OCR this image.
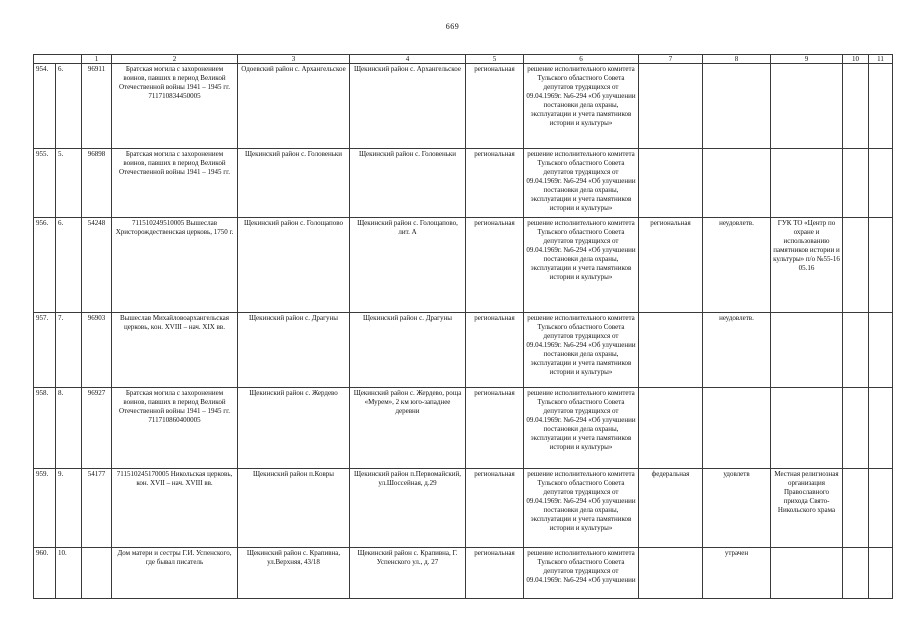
669
		1	2	3	4	5	6	7	8	9	10	11
954.	6.	96911	Братская могила с захоронением воинов, павших в период Великой Отечественной войны 1941 – 1945 гг. 711710834450005	Одоевский район с. Архангельское	Щекинский район с. Архангельское	региональная	решение исполнительного комитета Тульского областного Совета депутатов трудящихся от 09.04.1969г. №6-294 «Об улучшении постановки дела охраны, эксплуатации и учета памятников истории и культуры»					
955.	5.	96898	Братская могила с захоронением воинов, павших в период Великой Отечественной войны 1941 – 1945 гг.	Щекинский район с. Головеньки	Щекинский район с. Головеньки	региональная	решение исполнительного комитета Тульского областного Совета депутатов трудящихся от 09.04.1969г. №6-294 «Об улучшении постановки дела охраны, эксплуатации и учета памятников истории и культуры»					
956.	6.	54248	711510249510005 Вышеслав Христорождественская церковь, 1750 г.	Щекинский район с. Голощапово	Щекинский район с. Голощапово, лит. А	региональная	решение исполнительного комитета Тульского областного Совета депутатов трудящихся от 09.04.1969г. №6-294 «Об улучшении постановки дела охраны, эксплуатации и учета памятников истории и культуры»	региональная	неудовлетв.	ГУК ТО «Центр по охране и использованию памятников истории и культуры» п/о №55-16 05.16		
957.	7.	96903	Вышеслав Михайловоархангельская церковь, кон. XVIII – нач. XIX вв.	Щекинский район с. Драгуны	Щекинский район с. Драгуны	региональная	решение исполнительного комитета Тульского областного Совета депутатов трудящихся от 09.04.1969г. №6-294 «Об улучшении постановки дела охраны, эксплуатации и учета памятников истории и культуры»		неудовлетв.			
958.	8.	96927	Братская могила с захоронением воинов, павших в период Великой Отечественной войны 1941 – 1945 гг. 711710860400005	Щекинский район с. Жердево	Щекинский район с. Жердево, роща «Мурем», 2 км юго-западнее деревни	региональная	решение исполнительного комитета Тульского областного Совета депутатов трудящихся от 09.04.1969г. №6-294 «Об улучшении постановки дела охраны, эксплуатации и учета памятников истории и культуры»					
959.	9.	54177	711510245170005 Никольская церковь, кон. XVII – нач. XVIII вв.	Щекинский район п.Ковры	Щекинский район п.Первомайский, ул.Шоссейная, д.29	региональная	решение исполнительного комитета Тульского областного Совета депутатов трудящихся от 09.04.1969г. №6-294 «Об улучшении постановки дела охраны, эксплуатации и учета памятников истории и культуры»	федеральная	удовлетв	Местная религиозная организация Православного прихода Свято-Никольского храма		
960.	10.		Дом матери и сестры Г.И. Успенского, где бывал писатель	Щекинский район с. Крапивна, ул.Верхняя, 43/18	Щекинский район с. Крапивна, Г. Успенского ул., д. 27	региональная	решение исполнительного комитета Тульского областного Совета депутатов трудящихся от 09.04.1969г. №6-294 «Об улучшении		утрачен			
